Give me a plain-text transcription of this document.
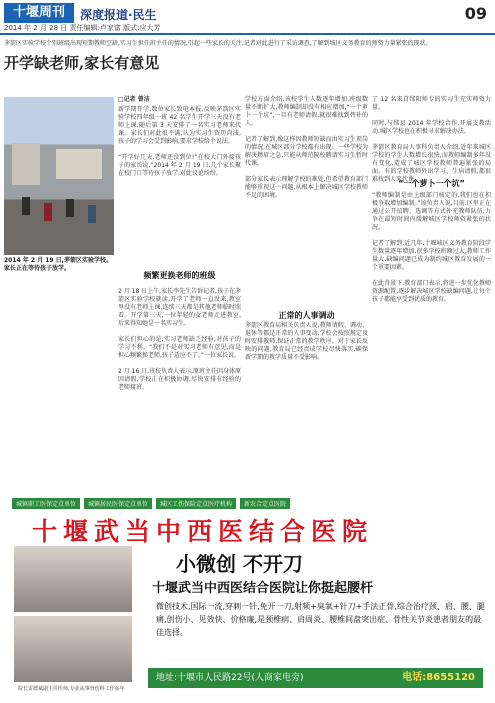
十堰周刊	深度报道·民生	09
2014 年 2 月 28 日 责任编辑:卢家富 版式:应大芳
茅箭区实验学校个别班级出现短期教师空缺,实习生担任班主任的情况,引起一些家长的关注,记者对此进行了采访调查,了解到城区义务教育的师资力量紧张的现状。
开学缺老师,家长有意见
2014 年 2 月 19 日,茅箭区实验学校。家长正在等待孩子放学。
□记者 曾洁
新学期开学,数位家长致电本报,反映茅箭区实验学校四年级一班 42 名学生开学三天没有老师上课,随后第 3 天安排了一名实习老师来代课。家长们对此很不满,认为实习生资历尚浅,孩子的学习会受到影响,要求学校给个说法。

“开学好几天,老师还没到位!”在校大门外接孩子的家长说,“2014 年 2 月 19 日,几个家长聚在校门口等待孩子放学,对此议论纷纷。
频繁更换老师的班级
2 月 18 日上午,家长李先生告诉记者,孩子在茅箭区实验学校就读,开学了老师一直没来,教室里没有老师上课,连续三天都是其他老师临时照看。开学第三天,一位年轻的女老师走进教室,后来得知她是一名实习生。

家长们担心的是,实习老师缺乏经验,对孩子的学习不利。“我们不是对实习老师有意见,而是担心频繁换老师,孩子适应不了。”一位家长说。

2 月 16 日,该校负责人表示,原班主任因身体原因请假,学校正在积极协调,尽快安排有经验的老师接班。
学校方面介绍,该校学生人数逐年增加,班级数量不断扩大,教师编制却没有相应增加,“一个萝卜一个坑”,一旦有老师请假,就很难找到替补的人。

记者了解到,像这样因教师短缺而由实习生顶岗的情况,在城区部分学校都有出现。一些学校为解决燃眉之急,只能从师范院校聘请实习生暂时代课。

部分家长表示理解学校的难处,但希望教育部门能够重视这一问题,从根本上解决城区学校教师不足的困境。
正常的人事调动
茅箭区教育局相关负责人说,教师请假、调动、退休等都是正常的人事变动,学校会按照规定及时安排教师,保证正常的教学秩序。对于家长反映的问题,教育局已经责成学校尽快落实,确保新学期的教学质量不受影响。
了 12 名来自郧阳师专的实习生充实师资力量。

同时,与郧县 2014 年学校合作,开展支教活动,城区学校也在积极寻求解决办法。

茅箭区教育局人事科负责人介绍,近年来城区学校的学生人数增长很快,而教师编制多年没有变化,造成了城区学校教师普遍紧张的局面。有的学校教师外出学习、生病请假,都很难找到人来代课。

“教师编制是由上级部门核定的,我们也在积极争取增加编制。”该负责人说,目前,区里正在通过公开招聘、选调等方式补充教师队伍,力争在最短时间内缓解城区学校师资紧张的状况。

记者了解到,近几年,十堰城区义务教育阶段学生数量逐年增加,很多学校班额过大,教师工作量大,缺编问题已成为制约城区教育发展的一个重要因素。

在此背景下,教育部门表示,将进一步优化教师资源配置,逐步解决城区学校缺编问题,让每个孩子都能享受到优质的教育。
“一个萝卜一个坑”
城镇职工医保定点单位	城镇居民医保定点单位	城区工伤保险定点医疗机构	新农合定点医院
十堰武当中西医结合医院
小微创 不开刀
十堰武当中西医结合医院让你挺起腰杆
微创技术,国际一流,穿刺一针,免开一刀,射频+臭氧+针刀+手法正骨,综合治疗颈、肩、腰、腿痛,创伤小、见效快、价格廉,是颈椎病、肩周炎、腰椎间盘突出症、骨性关节炎患者朋友的最佳选择。
地址:十堰市人民路22号(人商家电旁)	电话:8655120
院长雷德斌副主任医师,专业从事骨伤科工作多年
